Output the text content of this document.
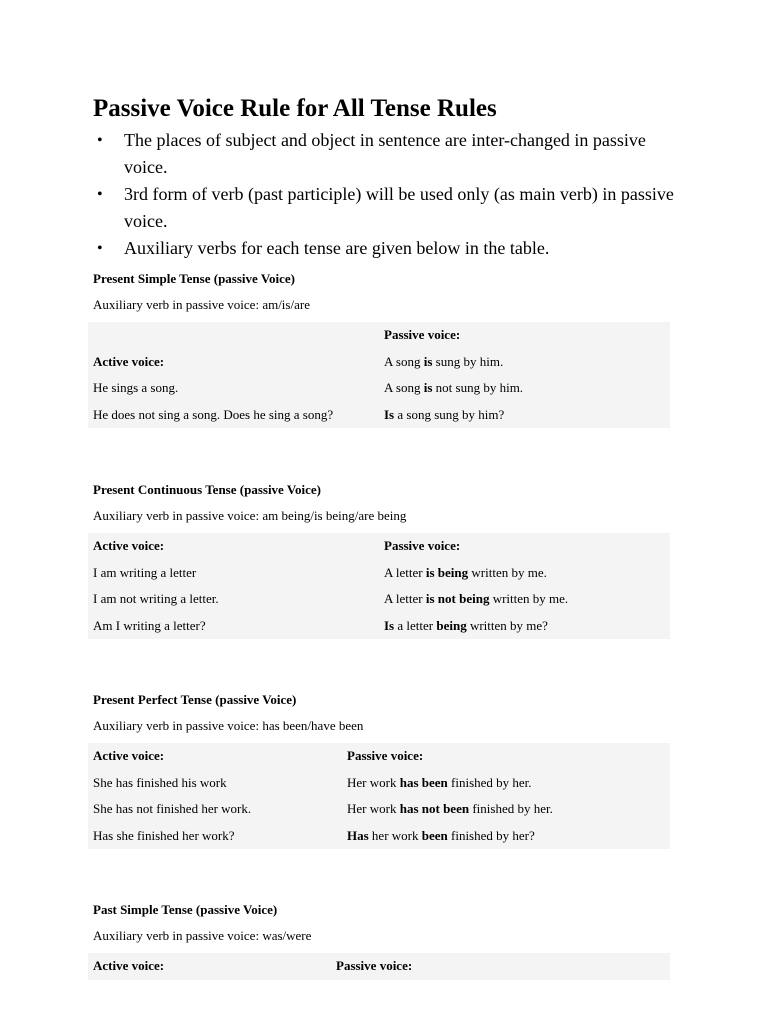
Passive Voice Rule for All Tense Rules
• The places of subject and object in sentence are inter-changed in passive voice.
• 3rd form of verb (past participle) will be used only (as main verb) in passive voice.
• Auxiliary verbs for each tense are given below in the table.

Present Simple Tense (passive Voice)

Auxiliary verb in passive voice: am/is/are

	Passive voice:
Active voice:	A song is sung by him.
He sings a song.	A song is not sung by him.
He does not sing a song. Does he sing a song?	Is a song sung by him?

Present Continuous Tense (passive Voice)

Auxiliary verb in passive voice: am being/is being/are being

Active voice:	Passive voice:
I am writing a letter	A letter is being written by me.
I am not writing a letter.	A letter is not being written by me.
Am I writing a letter?	Is a letter being written by me?

Present Perfect Tense (passive Voice)

Auxiliary verb in passive voice: has been/have been

Active voice:	Passive voice:
She has finished his work	Her work has been finished by her.
She has not finished her work.	Her work has not been finished by her.
Has she finished her work?	Has her work been finished by her?

Past Simple Tense (passive Voice)

Auxiliary verb in passive voice: was/were

Active voice:	Passive voice:
